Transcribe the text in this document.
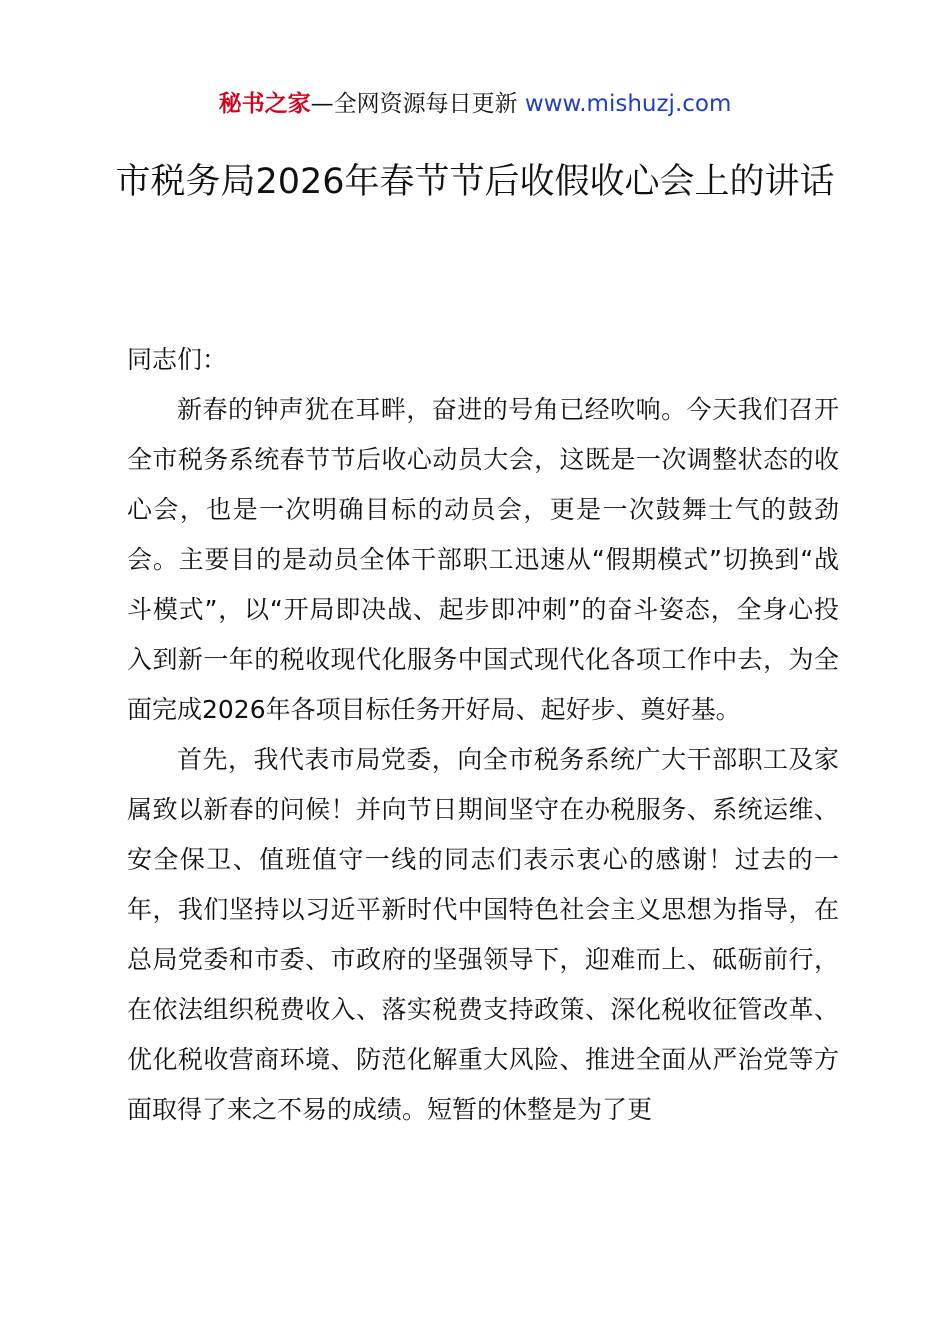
秘书之家—全网资源每日更新 www.mishuzj.com
市税务局2026年春节节后收假收心会上的讲话

同志们：

新春的钟声犹在耳畔，奋进的号角已经吹响。今天我们召开全市税务系统春节节后收心动员大会，这既是一次调整状态的收心会，也是一次明确目标的动员会，更是一次鼓舞士气的鼓劲会。主要目的是动员全体干部职工迅速从“假期模式”切换到“战斗模式”，以“开局即决战、起步即冲刺”的奋斗姿态，全身心投入到新一年的税收现代化服务中国式现代化各项工作中去，为全面完成2026年各项目标任务开好局、起好步、奠好基。

首先，我代表市局党委，向全市税务系统广大干部职工及家属致以新春的问候！并向节日期间坚守在办税服务、系统运维、安全保卫、值班值守一线的同志们表示衷心的感谢！过去的一年，我们坚持以习近平新时代中国特色社会主义思想为指导，在总局党委和市委、市政府的坚强领导下，迎难而上、砥砺前行，在依法组织税费收入、落实税费支持政策、深化税收征管改革、优化税收营商环境、防范化解重大风险、推进全面从严治党等方面取得了来之不易的成绩。短暂的休整是为了更
